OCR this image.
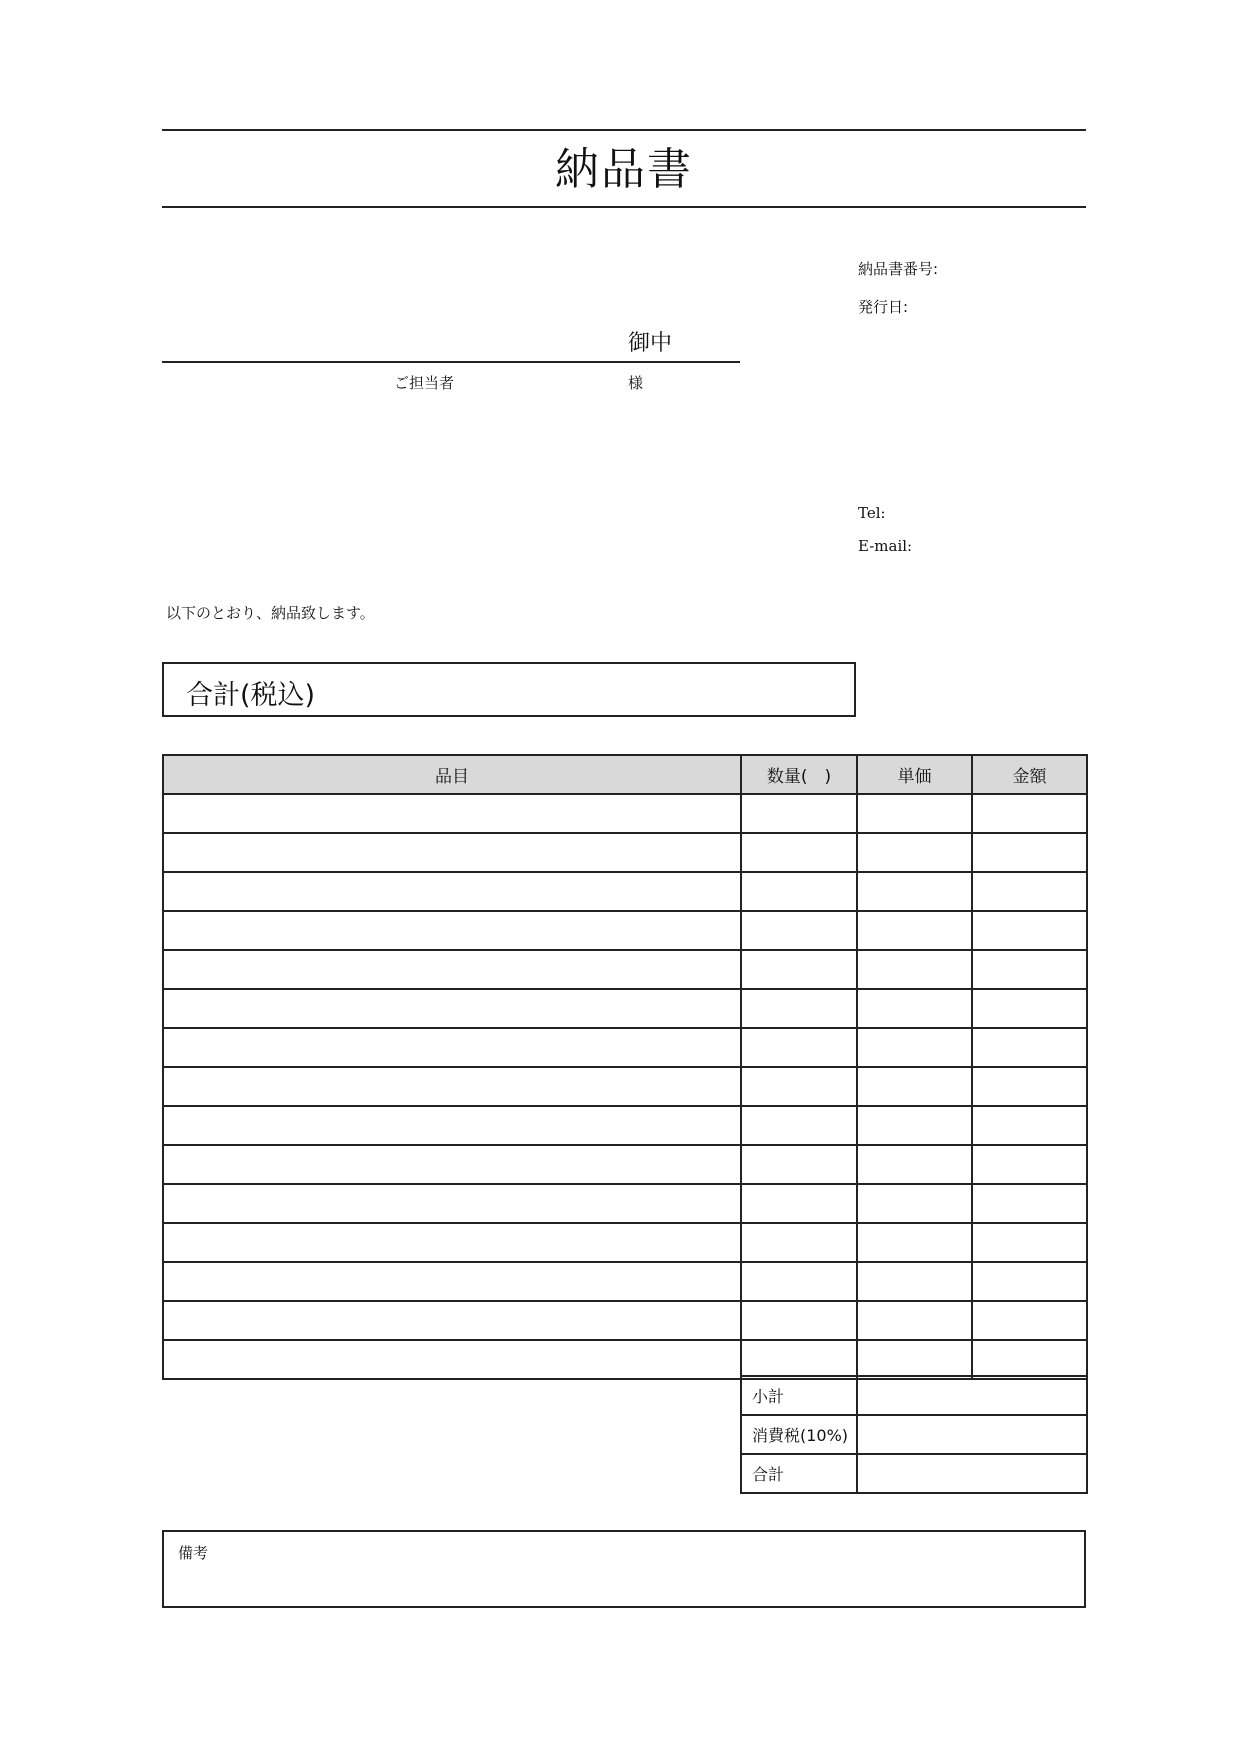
納品書
御中
ご担当者	様
納品書番号:
発行日:
Tel:
E-mail:
以下のとおり、納品致します。
合計(税込)
品目	数量(　)	単価	金額

小計	
消費税(10%)	
合計	
備考
